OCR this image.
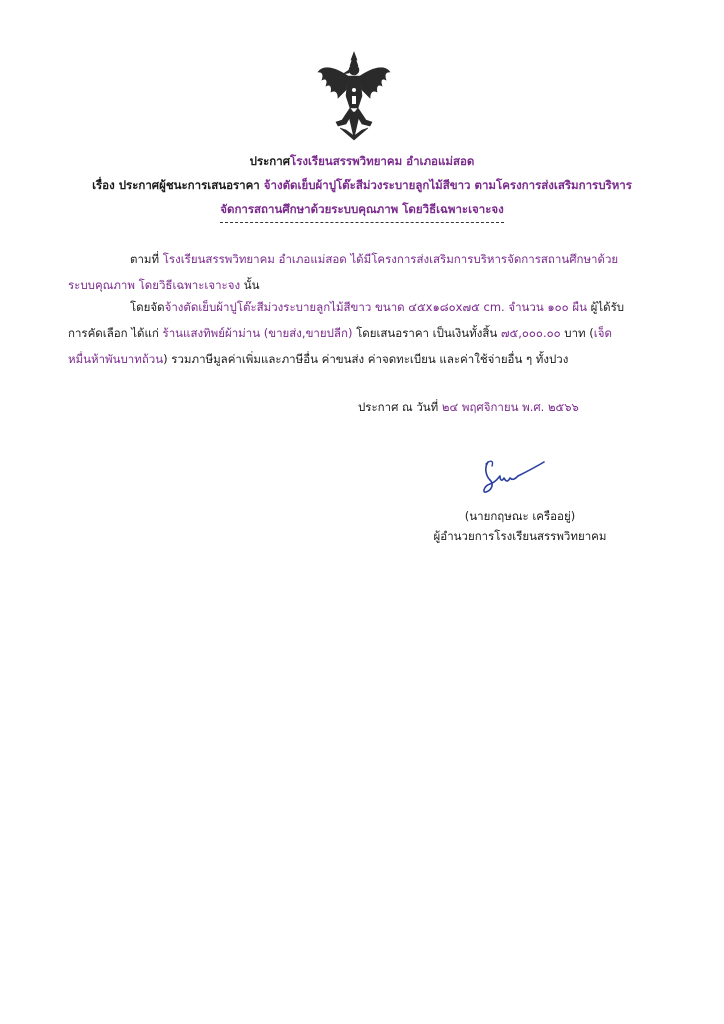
ประกาศโรงเรียนสรรพวิทยาคม อำเภอแม่สอด
เรื่อง ประกาศผู้ชนะการเสนอราคา จ้างตัดเย็บผ้าปูโต๊ะสีม่วงระบายลูกไม้สีขาว ตามโครงการส่งเสริมการบริหาร
จัดการสถานศึกษาด้วยระบบคุณภาพ โดยวิธีเฉพาะเจาะจง
ตามที่ โรงเรียนสรรพวิทยาคม อำเภอแม่สอด ได้มีโครงการส่งเสริมการบริหารจัดการสถานศึกษาด้วย
ระบบคุณภาพ โดยวิธีเฉพาะเจาะจง นั้น
โดยจัดจ้างตัดเย็บผ้าปูโต๊ะสีม่วงระบายลูกไม้สีขาว ขนาด ๔๕x๑๘๐x๗๕ cm. จำนวน ๑๐๐ ผืน ผู้ได้รับ
การคัดเลือก ได้แก่ ร้านแสงทิพย์ผ้าม่าน (ขายส่ง,ขายปลีก) โดยเสนอราคา เป็นเงินทั้งสิ้น ๗๕,๐๐๐.๐๐ บาท (เจ็ด
หมื่นห้าพันบาทถ้วน) รวมภาษีมูลค่าเพิ่มและภาษีอื่น ค่าขนส่ง ค่าจดทะเบียน และค่าใช้จ่ายอื่น ๆ ทั้งปวง
ประกาศ ณ วันที่ ๒๔ พฤศจิกายน พ.ศ. ๒๕๖๖
(นายกฤษณะ เครืออยู่)
ผู้อำนวยการโรงเรียนสรรพวิทยาคม
